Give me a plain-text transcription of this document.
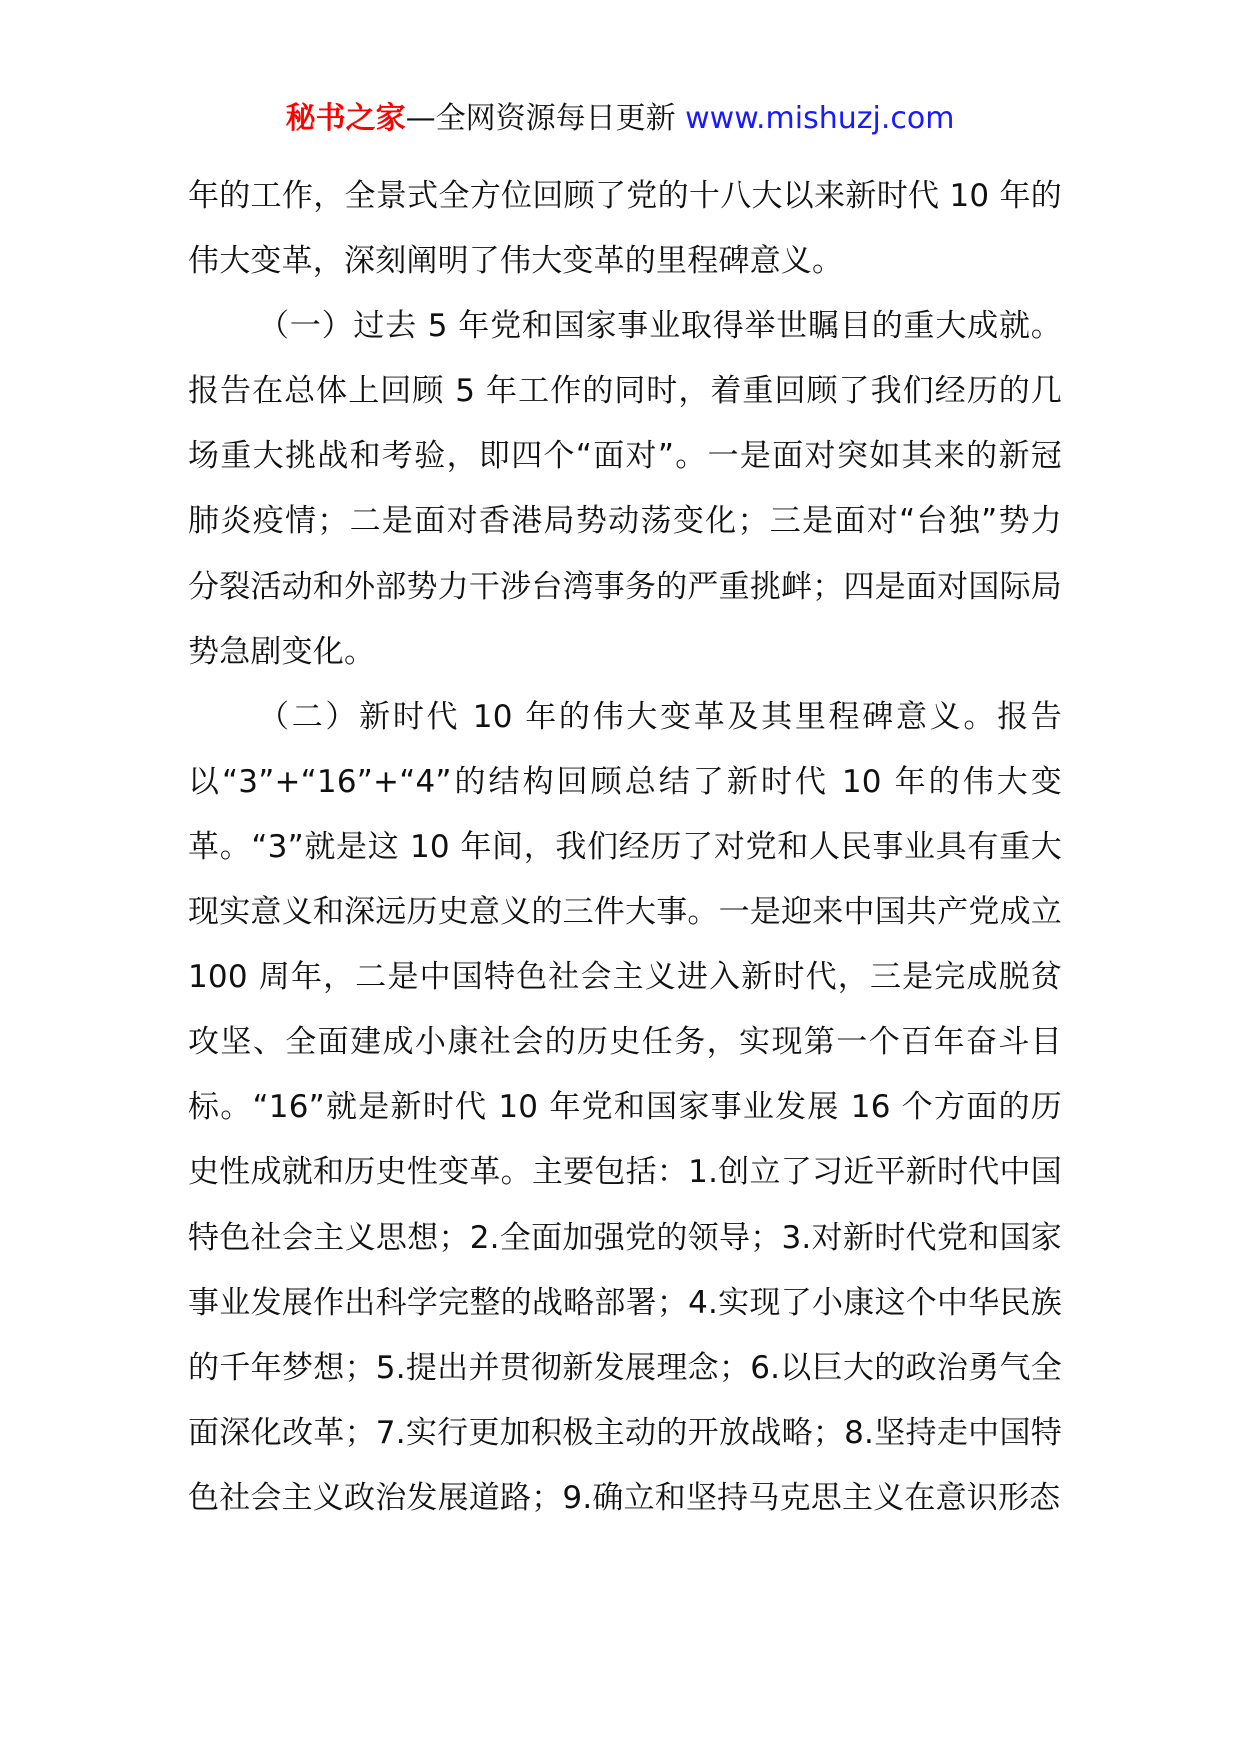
秘书之家—全网资源每日更新 www.mishuzj.com

年的工作，全景式全方位回顾了党的十八大以来新时代 10 年的伟大变革，深刻阐明了伟大变革的里程碑意义。

（一）过去 5 年党和国家事业取得举世瞩目的重大成就。报告在总体上回顾 5 年工作的同时，着重回顾了我们经历的几场重大挑战和考验，即四个“面对”。一是面对突如其来的新冠肺炎疫情；二是面对香港局势动荡变化；三是面对“台独”势力分裂活动和外部势力干涉台湾事务的严重挑衅；四是面对国际局势急剧变化。

（二）新时代 10 年的伟大变革及其里程碑意义。报告以“3”+“16”+“4”的结构回顾总结了新时代 10 年的伟大变革。“3”就是这 10 年间，我们经历了对党和人民事业具有重大现实意义和深远历史意义的三件大事。一是迎来中国共产党成立 100 周年，二是中国特色社会主义进入新时代，三是完成脱贫攻坚、全面建成小康社会的历史任务，实现第一个百年奋斗目标。“16”就是新时代 10 年党和国家事业发展 16 个方面的历史性成就和历史性变革。主要包括：1.创立了习近平新时代中国特色社会主义思想；2.全面加强党的领导；3.对新时代党和国家事业发展作出科学完整的战略部署；4.实现了小康这个中华民族的千年梦想；5.提出并贯彻新发展理念；6.以巨大的政治勇气全面深化改革；7.实行更加积极主动的开放战略；8.坚持走中国特色社会主义政治发展道路；9.确立和坚持马克思主义在意识形态
